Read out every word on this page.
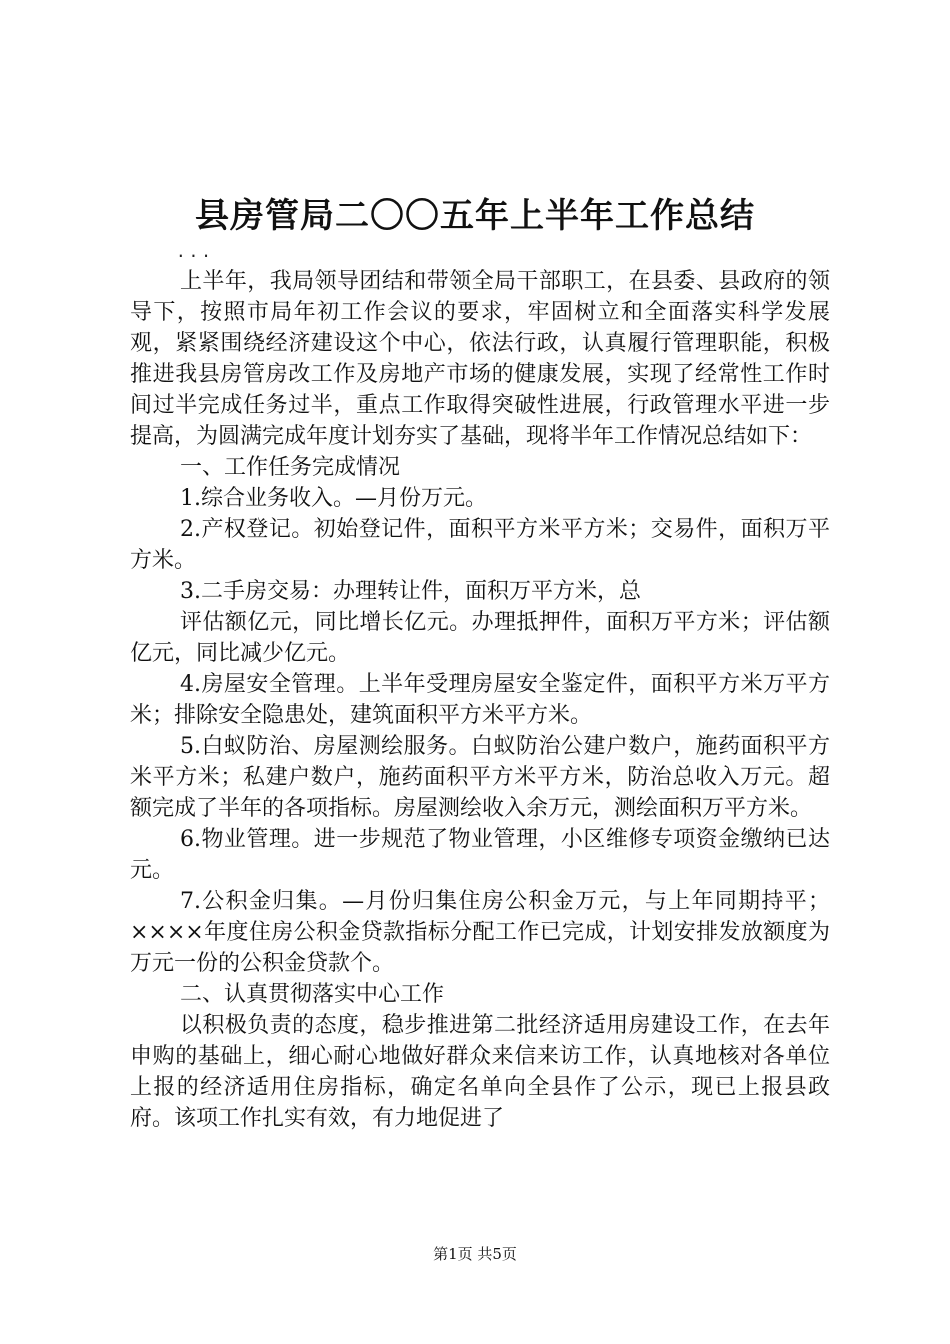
县房管局二〇〇五年上半年工作总结
...

上半年，我局领导团结和带领全局干部职工，在县委、县政府的领导下，按照市局年初工作会议的要求，牢固树立和全面落实科学发展观，紧紧围绕经济建设这个中心，依法行政，认真履行管理职能，积极推进我县房管房改工作及房地产市场的健康发展，实现了经常性工作时间过半完成任务过半，重点工作取得突破性进展，行政管理水平进一步提高，为圆满完成年度计划夯实了基础，现将半年工作情况总结如下：

一、工作任务完成情况

1.综合业务收入。—月份万元。

2.产权登记。初始登记件，面积平方米平方米；交易件，面积万平方米。

3.二手房交易：办理转让件，面积万平方米，总

评估额亿元，同比增长亿元。办理抵押件，面积万平方米；评估额亿元，同比减少亿元。

4.房屋安全管理。上半年受理房屋安全鉴定件，面积平方米万平方米；排除安全隐患处，建筑面积平方米平方米。

5.白蚁防治、房屋测绘服务。白蚁防治公建户数户，施药面积平方米平方米；私建户数户，施药面积平方米平方米，防治总收入万元。超额完成了半年的各项指标。房屋测绘收入余万元，测绘面积万平方米。

6.物业管理。进一步规范了物业管理，小区维修专项资金缴纳已达元。

7.公积金归集。—月份归集住房公积金万元，与上年同期持平；××××年度住房公积金贷款指标分配工作已完成，计划安排发放额度为万元一份的公积金贷款个。

二、认真贯彻落实中心工作

以积极负责的态度，稳步推进第二批经济适用房建设工作，在去年申购的基础上，细心耐心地做好群众来信来访工作，认真地核对各单位上报的经济适用住房指标，确定名单向全县作了公示，现已上报县政府。该项工作扎实有效，有力地促进了

第1页 共5页
